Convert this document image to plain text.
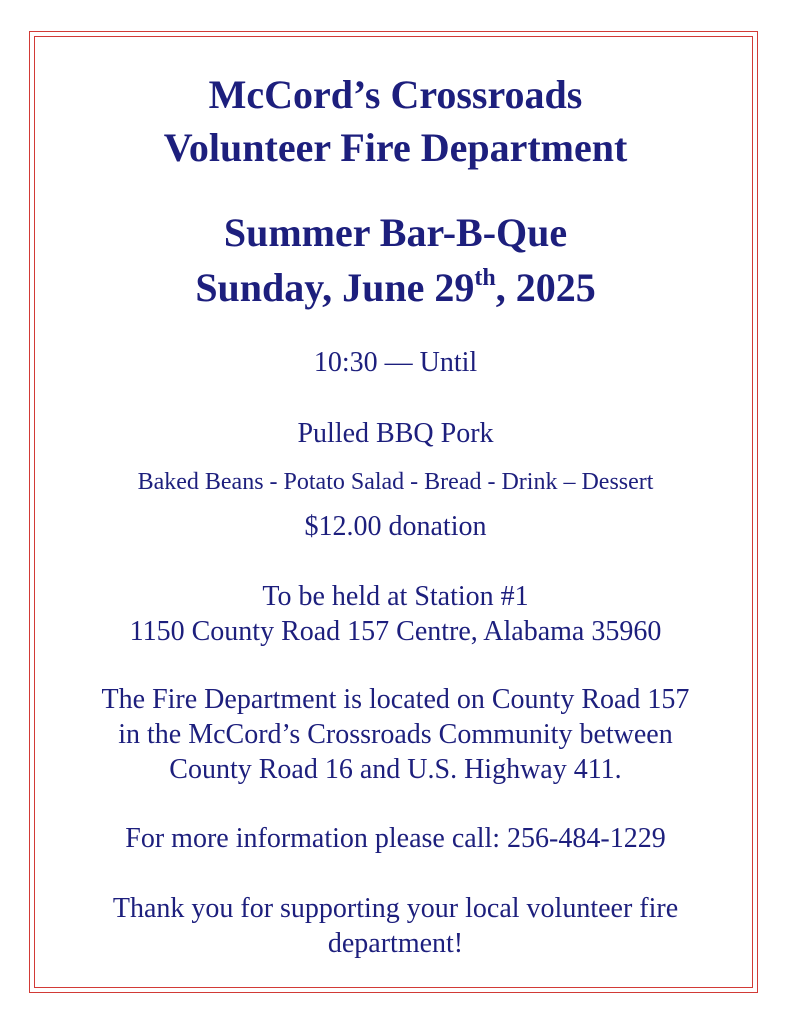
McCord’s Crossroads
Volunteer Fire Department
Summer Bar-B-Que
Sunday, June 29th, 2025
10:30 — Until
Pulled BBQ Pork
Baked Beans - Potato Salad - Bread - Drink – Dessert
$12.00 donation
To be held at Station #1
1150 County Road 157 Centre, Alabama 35960
The Fire Department is located on County Road 157
in the McCord’s Crossroads Community between
County Road 16 and U.S. Highway 411.
For more information please call: 256-484-1229
Thank you for supporting your local volunteer fire
department!
